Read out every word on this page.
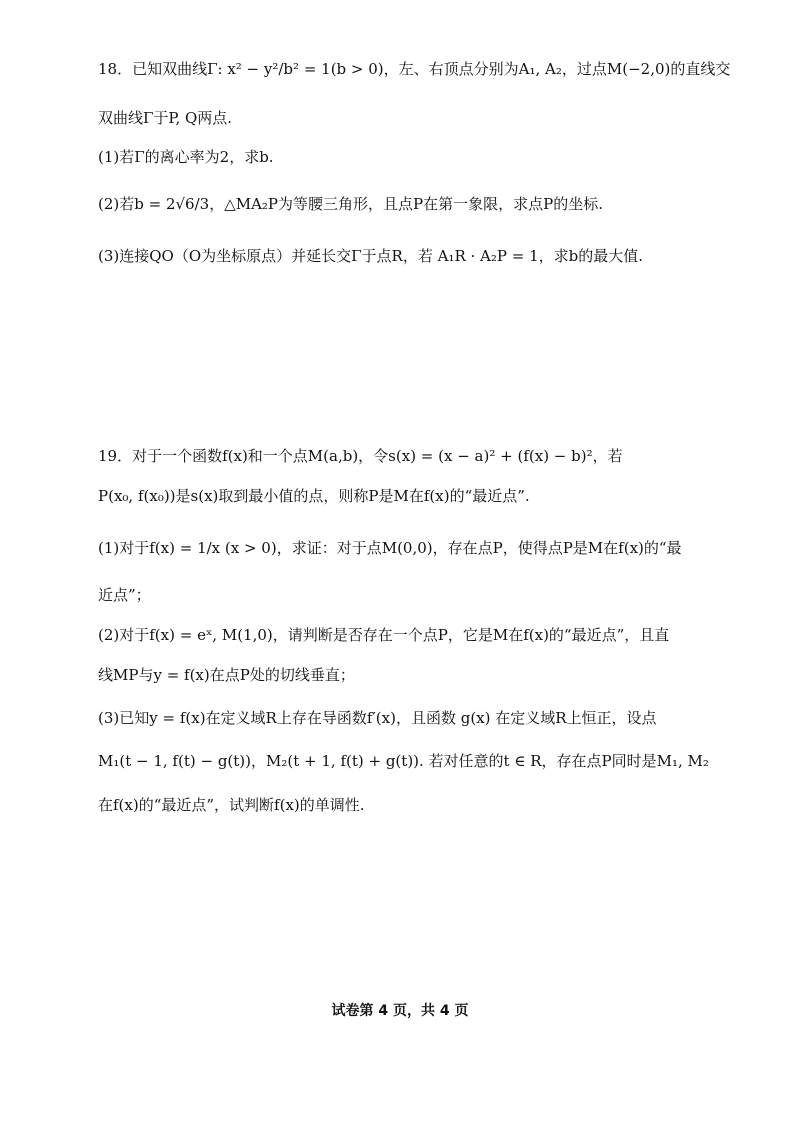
18．已知双曲线Γ: x² − y²/b² = 1(b > 0)，左、右顶点分别为A₁, A₂，过点M(−2,0)的直线交
双曲线Γ于P, Q两点.
(1)若Γ的离心率为2，求b.
(2)若b = 2√6/3，△MA₂P为等腰三角形，且点P在第一象限，求点P的坐标.
(3)连接QO（O为坐标原点）并延长交Γ于点R，若 A₁R · A₂P = 1，求b的最大值.
19．对于一个函数f(x)和一个点M(a,b)，令s(x) = (x − a)² + (f(x) − b)²，若
P(x₀, f(x₀))是s(x)取到最小值的点，则称P是M在f(x)的“最近点”.
(1)对于f(x) = 1/x (x > 0)，求证：对于点M(0,0)，存在点P，使得点P是M在f(x)的“最
近点”；
(2)对于f(x) = eˣ, M(1,0)，请判断是否存在一个点P，它是M在f(x)的“最近点”，且直
线MP与y = f(x)在点P处的切线垂直；
(3)已知y = f(x)在定义域R上存在导函数f′(x)，且函数 g(x) 在定义域R上恒正，设点
M₁(t − 1, f(t) − g(t))，M₂(t + 1, f(t) + g(t)). 若对任意的t ∈ R，存在点P同时是M₁, M₂
在f(x)的“最近点”，试判断f(x)的单调性.
试卷第 4 页，共 4 页
